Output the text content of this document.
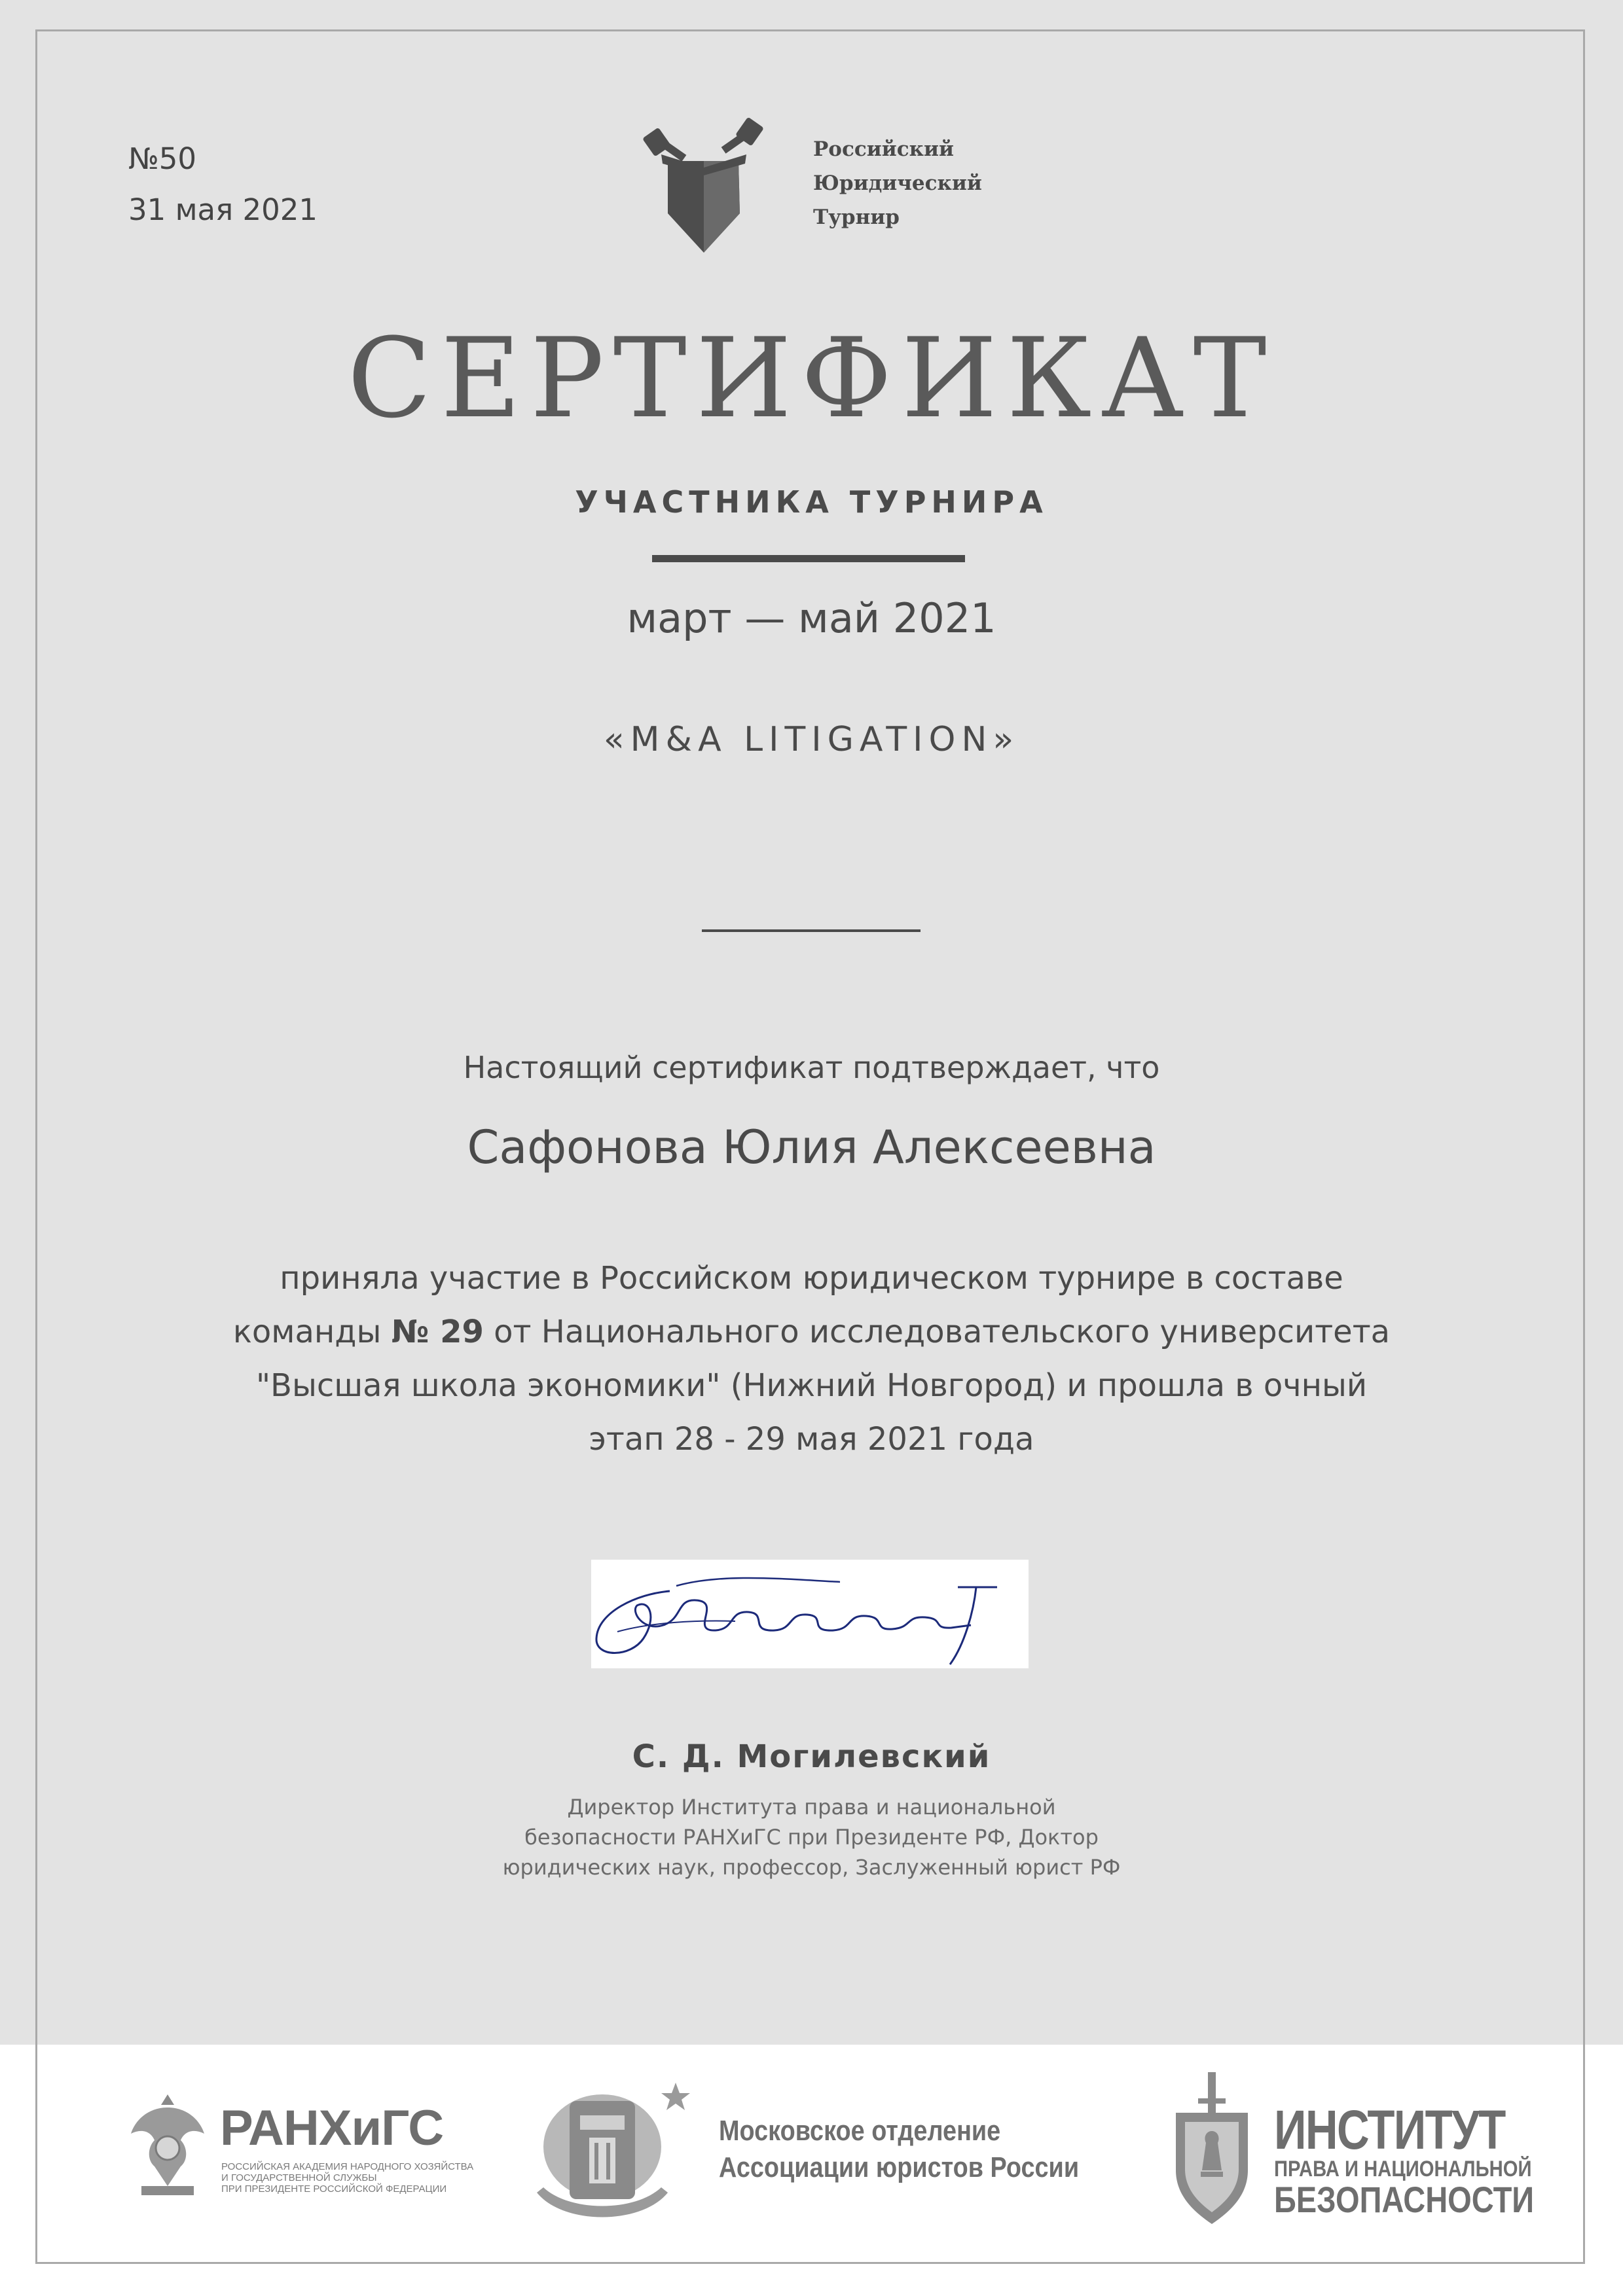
№50
31 мая 2021
Российский
Юридический
Турнир
СЕРТИФИКАТ
УЧАСТНИКА ТУРНИРА
март — май 2021
«M&A LITIGATION»
Настоящий сертификат подтверждает, что
Сафонова Юлия Алексеевна
приняла участие в Российском юридическом турнире в составе
команды № 29 от Национального исследовательского университета
"Высшая школа экономики" (Нижний Новгород) и прошла в очный
этап 28 - 29 мая 2021 года
С. Д. Могилевский
Директор Института права и национальной
безопасности РАНХиГС при Президенте РФ, Доктор
юридических наук, профессор, Заслуженный юрист РФ
РАНХиГС
РОССИЙСКАЯ АКАДЕМИЯ НАРОДНОГО ХОЗЯЙСТВА
И ГОСУДАРСТВЕННОЙ СЛУЖБЫ
ПРИ ПРЕЗИДЕНТЕ РОССИЙСКОЙ ФЕДЕРАЦИИ
Московское отделение
Ассоциации юристов России
ИНСТИТУТ
ПРАВА И НАЦИОНАЛЬНОЙ
БЕЗОПАСНОСТИ
